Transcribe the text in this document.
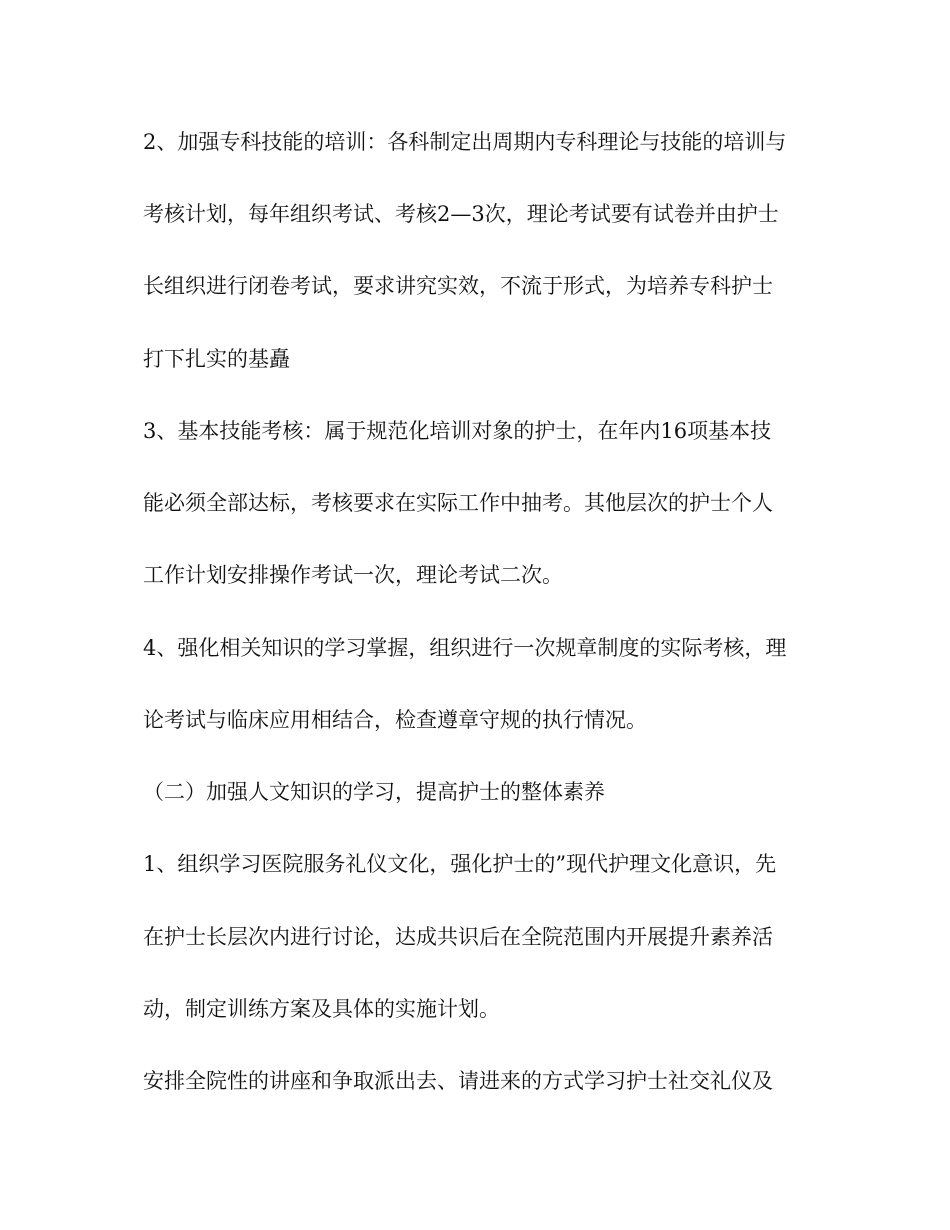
2、加强专科技能的培训：各科制定出周期内专科理论与技能的培训与
考核计划，每年组织考试、考核2—3次，理论考试要有试卷并由护士
长组织进行闭卷考试，要求讲究实效，不流于形式，为培养专科护士
打下扎实的基矗
3、基本技能考核：属于规范化培训对象的护士，在年内16项基本技
能必须全部达标，考核要求在实际工作中抽考。其他层次的护士个人
工作计划安排操作考试一次，理论考试二次。
4、强化相关知识的学习掌握，组织进行一次规章制度的实际考核，理
论考试与临床应用相结合，检查遵章守规的执行情况。
（二）加强人文知识的学习，提高护士的整体素养
1、组织学习医院服务礼仪文化，强化护士的”现代护理文化意识，先
在护士长层次内进行讨论，达成共识后在全院范围内开展提升素养活
动，制定训练方案及具体的实施计划。
安排全院性的讲座和争取派出去、请进来的方式学习护士社交礼仪及
